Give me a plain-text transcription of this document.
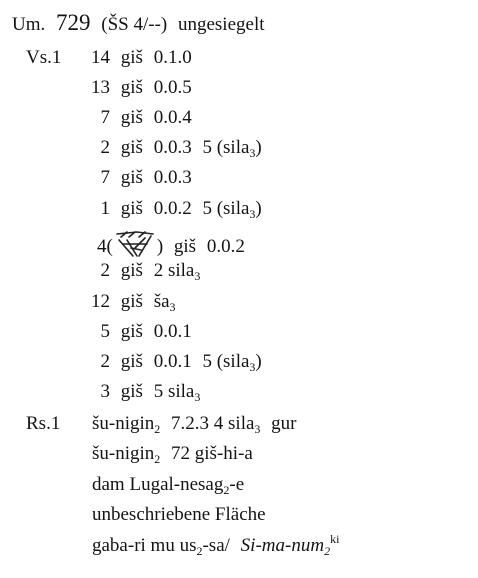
Um. 729 (ŠS 4/--) ungesiegelt
Vs.1 14 giš 0.1.0
13 giš 0.0.5
7 giš 0.0.4
2 giš 0.0.3 5 (sila$_3$)
7 giš 0.0.3
1 giš 0.0.2 5 (sila$_3$)
4( ) giš 0.0.2
2 giš 2 sila$_3$
12 giš $ša_3$
5 giš 0.0.1
2 giš 0.0.1 5 (sila$_3$)
3 giš 5 sila$_3$
Rs.1 šu-nigin$_2$ 7.2.3 4 sila$_3$ gur
šu-nigin$_2$ 72 giš-hi-a
dam Lugal-nesag$_2$-e
unbeschriebene Fläche
gaba-ri mu $us_2-sa/$ Si-ma-num$_2^{ki}$
